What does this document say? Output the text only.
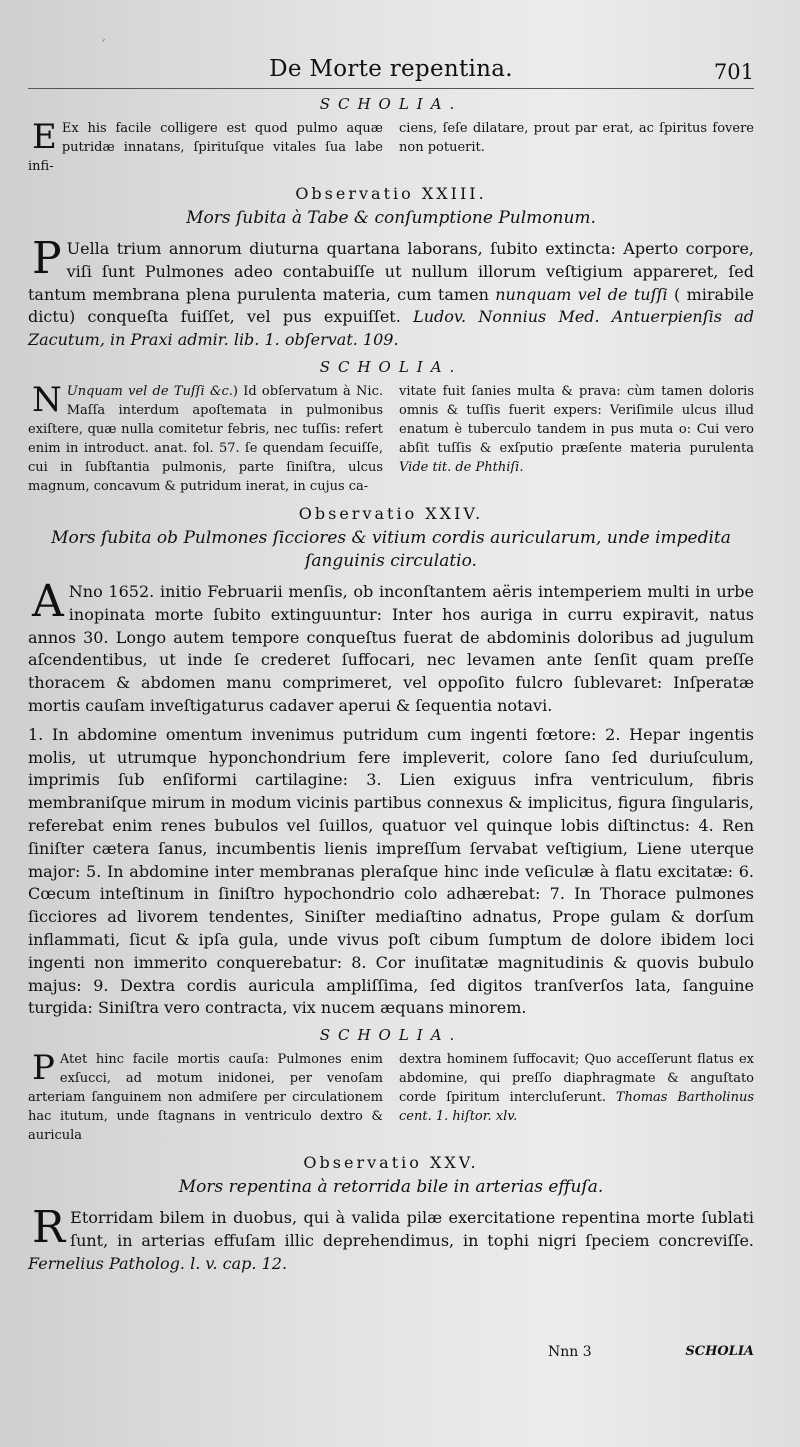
´
De Morte repentina.	701
SCHOLIA.
E Ex his facile colligere est quod pulmo aquæ putridæ innatans, ſpirituſque vitales ſua labe infi-
ciens, ſeſe dilatare, prout par erat, ac ſpiritus fovere non potuerit.
Observatio XXIII.
Mors ſubita à Tabe & conſumptione Pulmonum.
P Uella trium annorum diuturna quartana laborans, ſubito extincta: Aperto corpore, viſi ſunt Pulmones adeo contabuiſſe ut nullum illorum veſtigium appareret, ſed tantum membrana plena purulenta materia, cum tamen nunquam vel de tuſſi ( mirabile dictu) conqueſta fuiſſet, vel pus expuiſſet. Ludov. Nonnius Med. Antuerpienſis ad Zacutum, in Praxi admir. lib. 1. obſervat. 109.
SCHOLIA.
N Unquam vel de Tuſſi &c.) Id obſervatum à Nic. Maſſa interdum apoſtemata in pulmonibus exiſtere, quæ nulla comitetur febris, nec tuſſis: refert enim in introduct. anat. fol. 57. ſe quendam ſecuiſſe, cui in ſubſtantia pulmonis, parte ſiniſtra, ulcus magnum, concavum & putridum inerat, in cujus ca-
vitate fuit ſanies multa & prava: cùm tamen doloris omnis & tuſſis fuerit expers: Veriſimile ulcus illud enatum è tuberculo tandem in pus muta o: Cui vero abſit tuſſis & exſputio præſente materia purulenta Vide tit. de Phthiſi.
Observatio XXIV.
Mors ſubita ob Pulmones ſicciores & vitium cordis auricularum, unde impedita ſanguinis circulatio.
A Nno 1652. initio Februarii menſis, ob inconſtantem aëris intemperiem multi in urbe inopinata morte ſubito extinguuntur: Inter hos auriga in curru expiravit, natus annos 30. Longo autem tempore conqueſtus fuerat de abdominis doloribus ad jugulum aſcendentibus, ut inde ſe crederet ſuffocari, nec levamen ante ſenſit quam preſſe thoracem & abdomen manu comprimeret, vel oppoſito fulcro ſublevaret: Inſperatæ mortis cauſam inveſtigaturus cadaver aperui & ſequentia notavi.
1. In abdomine omentum invenimus putridum cum ingenti fœtore: 2. Hepar ingentis molis, ut utrumque hyponchondrium fere impleverit, colore ſano ſed duriuſculum, imprimis ſub enſiformi cartilagine: 3. Lien exiguus infra ventriculum, fibris membraniſque mirum in modum vicinis partibus connexus & implicitus, figura ſingularis, referebat enim renes bubulos vel ſuillos, quatuor vel quinque lobis diſtinctus: 4. Ren ſiniſter cætera ſanus, incumbentis lienis impreſſum ſervabat veſtigium, Liene uterque major: 5. In abdomine inter membranas pleraſque hinc inde veſiculæ à flatu excitatæ: 6. Cœcum inteſtinum in ſiniſtro hypochondrio colo adhærebat: 7. In Thorace pulmones ſicciores ad livorem tendentes, Siniſter mediaſtino adnatus, Prope gulam & dorſum inflammati, ſicut & ipſa gula, unde vivus poſt cibum ſumptum de dolore ibidem loci ingenti non immerito conquerebatur: 8. Cor inuſitatæ magnitudinis & quovis bubulo majus: 9. Dextra cordis auricula ampliſſima, ſed digitos tranſverſos lata, ſanguine turgida: Siniſtra vero contracta, vix nucem æquans minorem.
SCHOLIA.
P Atet hinc facile mortis cauſa: Pulmones enim exſucci, ad motum inidonei, per venoſam arteriam ſanguinem non admiſere per circulationem hac itutum, unde ſtagnans in ventriculo dextro & auricula
dextra hominem ſuffocavit; Quo acceſſerunt flatus ex abdomine, qui preſſo diaphragmate & anguſtato corde ſpiritum intercluſerunt. Thomas Bartholinus cent. 1. hiſtor. xlv.
Observatio XXV.
Mors repentina à retorrida bile in arterias effuſa.
R Etorridam bilem in duobus, qui à valida pilæ exercitatione repentina morte ſublati ſunt, in arterias effuſam illic deprehendimus, in tophi nigri ſpeciem concreviſſe. Fernelius Patholog. l. v. cap. 12.
Nnn 3	SCHOLIA
